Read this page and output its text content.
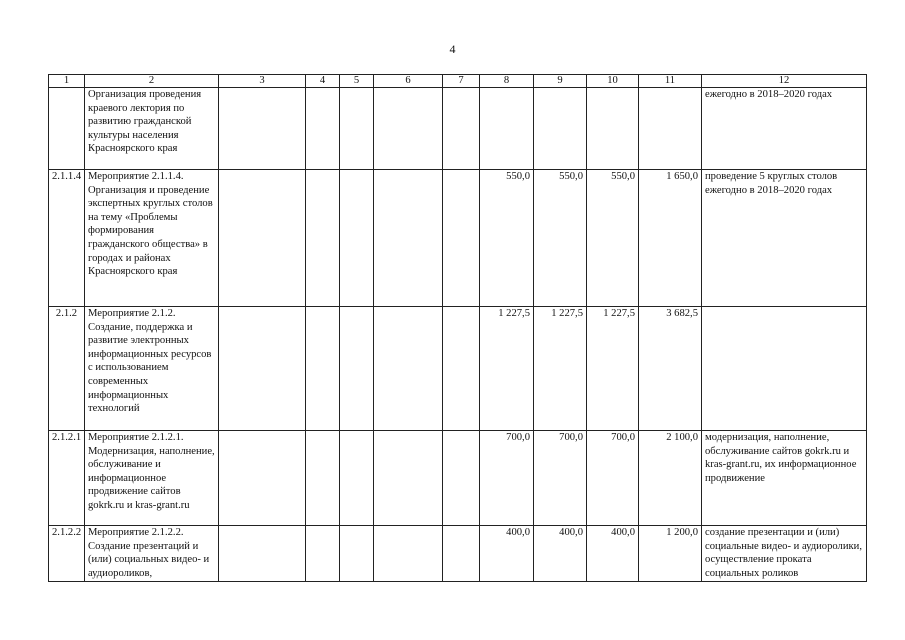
4
1	2	3	4	5	6	7	8	9	10	11	12
	Организация проведения краевого лектория по развитию гражданской культуры населения Красноярского края										ежегодно в 2018–2020 годах
2.1.1.4	Мероприятие 2.1.1.4. Организация и проведение экспертных круглых столов на тему «Проблемы формирования гражданского общества» в городах и районах Красноярского края						550,0	550,0	550,0	1 650,0	проведение 5 круглых столов ежегодно в 2018–2020 годах
2.1.2	Мероприятие 2.1.2. Создание, поддержка и развитие электронных информационных ресурсов с использованием современных информационных технологий						1 227,5	1 227,5	1 227,5	3 682,5	
2.1.2.1	Мероприятие 2.1.2.1. Модернизация, наполнение, обслуживание и информационное продвижение сайтов gokrk.ru и kras-grant.ru						700,0	700,0	700,0	2 100,0	модернизация, наполнение, обслуживание сайтов gokrk.ru и kras-grant.ru, их информационное продвижение
2.1.2.2	Мероприятие 2.1.2.2. Создание презентаций и (или) социальных видео- и аудиороликов,						400,0	400,0	400,0	1 200,0	создание презентации и (или) социальные видео- и аудиоролики, осуществление проката социальных роликов
